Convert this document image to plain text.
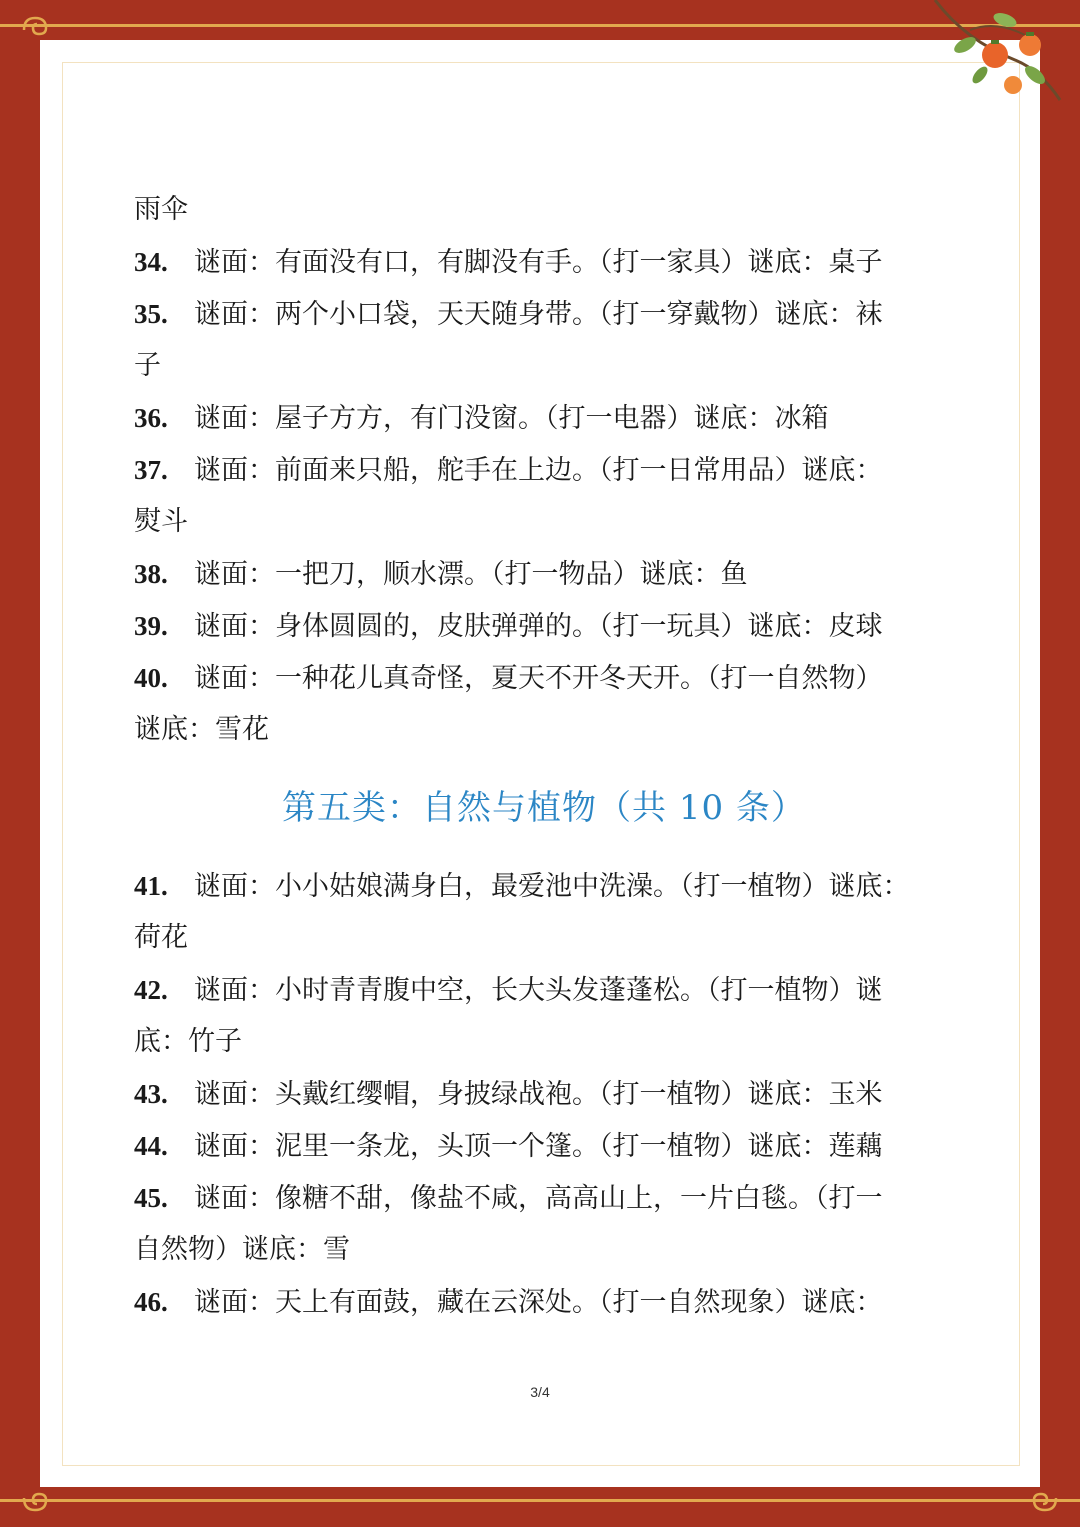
雨伞
34. 谜面：有面没有口，有脚没有手。（打一家具）谜底：桌子
35. 谜面：两个小口袋，天天随身带。（打一穿戴物）谜底：袜
子
36. 谜面：屋子方方，有门没窗。（打一电器）谜底：冰箱
37. 谜面：前面来只船，舵手在上边。（打一日常用品）谜底：
熨斗
38. 谜面：一把刀，顺水漂。（打一物品）谜底：鱼
39. 谜面：身体圆圆的，皮肤弹弹的。（打一玩具）谜底：皮球
40. 谜面：一种花儿真奇怪，夏天不开冬天开。（打一自然物）
谜底：雪花
第五类：自然与植物（共 10 条）
41. 谜面：小小姑娘满身白，最爱池中洗澡。（打一植物）谜底：
荷花
42. 谜面：小时青青腹中空，长大头发蓬蓬松。（打一植物）谜
底：竹子
43. 谜面：头戴红缨帽，身披绿战袍。（打一植物）谜底：玉米
44. 谜面：泥里一条龙，头顶一个篷。（打一植物）谜底：莲藕
45. 谜面：像糖不甜，像盐不咸，高高山上，一片白毯。（打一
自然物）谜底：雪
46. 谜面：天上有面鼓，藏在云深处。（打一自然现象）谜底：
3/4
